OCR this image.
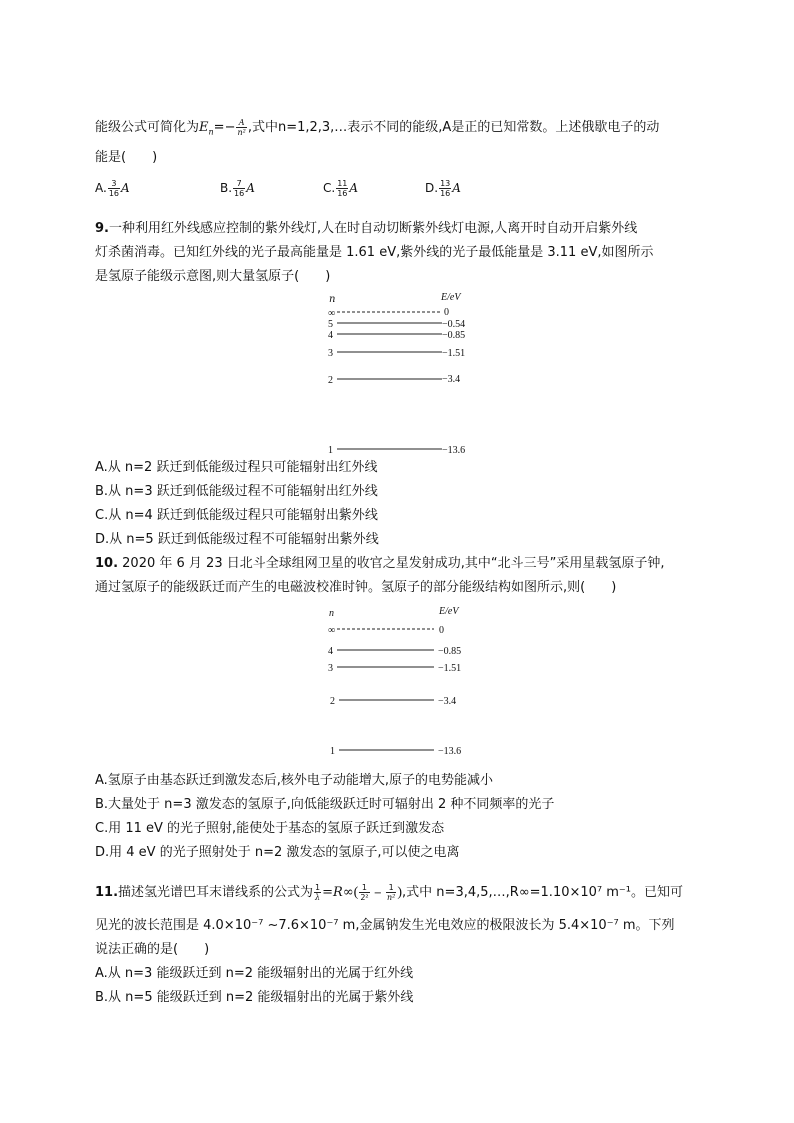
能级公式可简化为$E_n=- \frac{A}{\text{n²}}$ ,式中n=1,2,3,…表示不同的能级,A是正的已知常数。上述俄歇电子的动
能是(　　)
A. $\frac{3}{16}$ A	B. $\frac{7}{16}$ A	C. $\frac{11}{16}$ A	D. $\frac{13}{16}$ A
9.一种利用红外线感应控制的紫外线灯,人在时自动切断紫外线灯电源,人离开时自动开启紫外线
灯杀菌消毒。已知红外线的光子最高能量是 1.61 eV,紫外线的光子最低能量是 3.11 eV,如图所示
是氢原子能级示意图,则大量氢原子(　　)
n	E/eV
∞	0
5	−0.54
4	−0.85
3	−1.51
2	−3.4
1	−13.6
A.从 n=2 跃迁到低能级过程只可能辐射出红外线
B.从 n=3 跃迁到低能级过程不可能辐射出红外线
C.从 n=4 跃迁到低能级过程只可能辐射出紫外线
D.从 n=5 跃迁到低能级过程不可能辐射出紫外线
10. 2020 年 6 月 23 日北斗全球组网卫星的收官之星发射成功,其中“北斗三号”采用星载氢原子钟,
通过氢原子的能级跃迁而产生的电磁波校准时钟。氢原子的部分能级结构如图所示,则(　　)
n	E/eV
∞	0
4	−0.85
3	−1.51
2	−3.4
1	−13.6
A.氢原子由基态跃迁到激发态后,核外电子动能增大,原子的电势能减小
B.大量处于 n=3 激发态的氢原子,向低能级跃迁时可辐射出 2 种不同频率的光子
C.用 11 eV 的光子照射,能使处于基态的氢原子跃迁到激发态
D.用 4 eV 的光子照射处于 n=2 激发态的氢原子,可以使之电离
11.描述氢光谱巴耳末谱线系的公式为 $\frac{1}{\lambda} =R\infty( \frac{1}{\text{2²}} - \frac{1}{\text{n²}}$ ),式中 n=3,4,5,…,R∞=1.10×10⁷ m⁻¹。已知可
见光的波长范围是 4.0×10⁻⁷ ~7.6×10⁻⁷ m,金属钠发生光电效应的极限波长为 5.4×10⁻⁷ m。下列
说法正确的是(　　)
A.从 n=3 能级跃迁到 n=2 能级辐射出的光属于红外线
B.从 n=5 能级跃迁到 n=2 能级辐射出的光属于紫外线
